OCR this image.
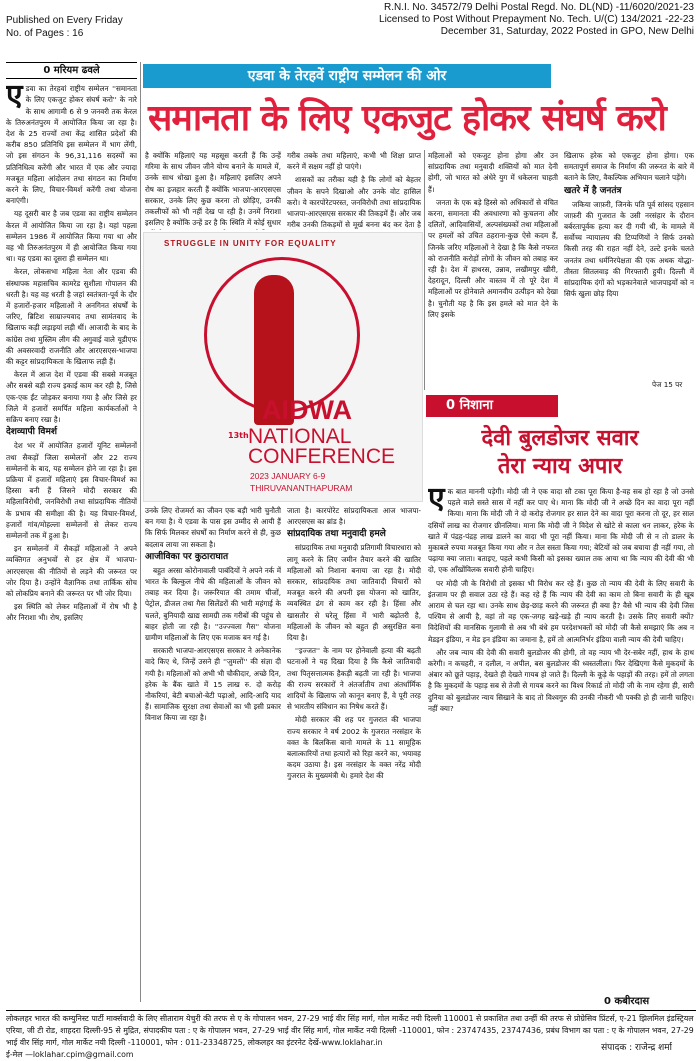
Published on Every Friday
No. of Pages : 16
R.N.I. No. 34572/79 Delhi Postal Regd. No. DL(ND) -11/6020/2021-23
Licensed to Post Without Prepayment No. Tech. U/(C) 134/2021 -22-23
December 31, Saturday, 2022 Posted in GPO, New Delhi
एडवा के तेरहवें राष्ट्रीय सम्मेलन की ओर
समानता के लिए एकजुट होकर संघर्ष करो
0 मरियम ढवले
ए डवा का तेरहवां राष्ट्रीय सम्मेलन ''समानता के लिए एकजुट होकर संघर्ष करो'' के नारे के साथ आगामी 6 से 9 जनवरी तक केरल के तिरुअनंतपुरम में आयोजित किया जा रहा है। देश के 25 राज्यों तथा केंद्र शासित प्रदेशों की करीब 850 प्रतिनिधि इस सम्मेलन में भाग लेंगी, जो इस संगठन के 96,31,116 सदस्यों का प्रतिनिधित्व करेंगी और भारत में एक और ज्यादा मजबूत महिला आंदोलन तथा संगठन का निर्माण करने के लिए, विचार-विमर्श करेंगी तथा योजना बनाएंगी।

यह दूसरी बार है जब एडवा का राष्ट्रीय सम्मेलन केरल में आयोजित किया जा रहा है। यहां पहला सम्मेलन 1986 में आयोजित किया गया था और वह भी तिरुअनंतपुरम में ही आयोजित किया गया था। यह एडवा का दूसरा ही सम्मेलन था।

केरल, लोकसभा महिला नेता और एडवा की संस्थापक महासचिव कामरेड सुशीला गोपालन की धरती है। यह वह धरती है जहां स्वतंत्रता-पूर्व के दौर में हजारों-हजार महिलाओं ने अनगिनत संघर्षों के जरिए, ब्रिटिश साम्राज्यवाद तथा सामंतवाद के खिलाफ कड़ी लड़ाइयां लड़ी थीं। आजादी के बाद के कांग्रेस तथा मुस्लिम लीग की अगुवाई वाले यूडीएफ की अवसरवादी राजनीति और आरएसएस-भाजपा की कट्टर सांप्रदायिकता के खिलाफ लड़ी हैं।

केरल में आज देश में एडवा की सबसे मजबूत और सबसे बड़ी राज्य इकाई काम कर रही है, जिसे एक-एक ईंट जोड़कर बनाया गया है और जिसे हर जिले में हजारों समर्पित महिला कार्यकर्ताओं ने सक्रिय बनाए रखा है।

देशव्यापी विमर्श

देश भर में आयोजित हजारों यूनिट सम्मेलनों तथा सैकड़ों जिला सम्मेलनों और 22 राज्य सम्मेलनों के बाद, यह सम्मेलन होने जा रहा है। इस प्रक्रिया में हजारों महिलाएं इस विचार-विमर्श का हिस्सा बनी हैं जिसने मोदी सरकार की महिलाविरोधी, जनविरोधी तथा सांप्रदायिक नीतियों के प्रभाव की समीक्षा की है। यह विचार-विमर्श, हजारों गांव/मोहल्ला सम्मेलनों से लेकर राज्य सम्मेलनों तक में हुआ है।

इन सम्मेलनों में सैकड़ों महिलाओं ने अपने व्यक्तिगत अनुभवों से हर क्षेत्र में भाजपा-आरएसएस की नीतियों से लड़ने की जरूरत पर जोर दिया है। उन्होंने वैज्ञानिक तथा तार्किक सोच को लोकप्रिय बनाने की जरूरत पर भी जोर दिया।

इस स्थिति को लेकर महिलाओं में रोष भी है और निराशा भी। रोष, इसलिए

है क्योंकि महिलाएं यह महसूस करती हैं कि उन्हें गरिमा के साथ जीवन जीने योग्य बनाने के मामले में, उनके साथ धोखा हुआ है। महिलाएं इसलिए अपने रोष का इजहार करती हैं क्योंकि भाजपा-आरएसएस सरकार, उनके लिए कुछ करना तो छोड़िए, उनकी तकलीफों को भी नहीं देख पा रही है। उनमें निराशा इसलिए है क्योंकि उन्हें डर है कि स्थिति में कोई सुधार

गरीब तबके तथा महिलाएं, कभी भी शिक्षा प्राप्त करने में सक्षम नहीं हो पाएंगे।

शासकों का तरीका यही है कि लोगों को बेहतर जीवन के सपने दिखाओ और उनके वोट हासिल करो। ये कारपोरेटपरस्त, जनविरोधी तथा सांप्रदायिक भाजपा-आरएसएस सरकार की तिकड़में हैं। और जब गरीब उनकी तिकड़मों से मूर्ख बनना बंद कर देता है

STRUGGLE IN UNITY FOR EQUALITY
AIDWA
13th NATIONAL
CONFERENCE
2023 JANUARY 6-9
THIRUVANANTHAPURAM

उनके लिए रोजमर्रा का जीवन एक बड़ी भारी चुनौती बन गया है। ये एडवा के पास इस उम्मीद से आयी हैं कि सिर्फ मिलकर संघर्षों का निर्माण करने से ही, कुछ बदलाव लाया जा सकता है।

आजीविका पर कुठाराघात

बहुत अरसा कोरोनावाली पाबंदियों ने अपने नर्क में भारत के बिल्कुल नीचे की महिलाओं के जीवन को तबाह कर दिया है। जरूरियात की तमाम चीजों, पेट्रोल, डीजल तथा गैस सिलेंडरों की भारी महंगाई के चलते, बुनियादी खाद्य सामग्री तक गरीबों की पहुंच से बाहर होती जा रही है। ''उज्ज्वला गैस'' योजना ग्रामीण महिलाओं के लिए एक मजाक बन गई है।

सरकारी भाजपा-आरएसएस सरकार ने अनेकानेक वादे किए थे, जिन्हें उसने ही ''जुमलों'' की संज्ञा दी गयी है। महिलाओं को अभी भी चौकीदार, अच्छे दिन, हरेक के बैंक खाते में 15 लाख रु. दो करोड़ नौकरियां, बेटी बचाओ-बेटी पढ़ाओ, आदि-आदि याद हैं। सामाजिक सुरक्षा तथा सेवाओं का भी इसी प्रकार विनाश किया जा रहा है।

जाता है। कारपोरेट सांप्रदायिकता आज भाजपा-आरएसएस का ब्रांड है।

सांप्रदायिक तथा मनुवादी हमले

सांप्रदायिक तथा मनुवादी प्रतिगामी विचारधारा को लागू करने के लिए जमीन तैयार करने की खातिर महिलाओं को निशाना बनाया जा रहा है। मोदी सरकार, सांप्रदायिक तथा जातिवादी विचारों को मजबूत करने की अपनी इस योजना को खातिर, व्यवस्थित ढंग से काम कर रही है। हिंसा और खासतौर से घरेलू हिंसा में भारी बढ़ोतरी है, महिलाओं के जीवन को बहुत ही असुरक्षित बना दिया है।

''इज्जत'' के नाम पर होनेवाली हत्या की बढ़ती घटनाओं ने यह दिखा दिया है कि कैसे जातिवादी तथा पितृसत्तात्मक हैकड़ी बढ़ती जा रही है। भाजपा की राज्य सरकारों ने अंतर्जातीय तथा अंतर्धार्मिक शादियों के खिलाफ जो कानून बनाए हैं, वे पूरी तरह से भारतीय संविधान का निषेध करते हैं।

मोदी सरकार की शह पर गुजरात की भाजपा राज्य सरकार ने वर्ष 2002 के गुजरात नरसंहार के वक्त के बिलकिस बानो मामले के 11 सामूहिक बलात्कारियों तथा हत्यारों को रिहा करने का, भयावह कदम उठाया है। इस नरसंहार के वक्त नरेंद्र मोदी गुजरात के मुख्यमंत्री थे। हमारे देश की

महिलाओं को एकजुट होना होगा और उन सांप्रदायिक तथा मनुवादी शक्तियों को मात देनी होगी, जो भारत को अंधेरे युग में धकेलना चाहती हैं।

जनता के एक बड़े हिस्से को अधिकारों से वंचित करना, समानता की अवधारणा को कुचलना और दलितों, आदिवासियों, अल्पसंख्यकों तथा महिलाओं पर हमलों को उचित ठहराना-कुछ ऐसे कदम हैं, जिनके जरिए महिलाओं ने देखा है कि कैसे नफरत को राजनीति करोड़ों लोगों के जीवन को तबाह कर रही है। देश में हाथरस, उन्नाव, लखीमपुर खीरी, देहरादून, दिल्ली और वास्तव में तो पूरे देश में महिलाओं पर होनेवाले अमानवीय उत्पीड़न को देखा है। चुनौती यह है कि इस हमले को मात देने के लिए इसके

खिलाफ हरेक को एकजुट होना होगा। एक समतापूर्ण समाज के निर्माण की जरूरत के बारे में बताने के लिए, वैकल्पिक अभियान चलाने पड़ेंगे।

खतरे में है जनतंत्र

जकिया जाफ़री, जिनके पति पूर्व सांसद एहसान जाफ़री की गुजरात के उसी नरसंहार के दौरान बर्बरतापूर्वक हत्या कर दी गयी थी, के मामले में सर्वोच्च न्यायालय की टिप्पणियों ने सिर्फ उनको किसी तरह की राहत नहीं देने, उल्टे इनके चलते जनतंत्र तथा धर्मनिरपेक्षता की एक अथक योद्धा-तीस्ता सितलवाड़ की गिरफ्तारी हुयी। दिल्ली में सांप्रदायिक दंगों को भड़कानेवाले भाजपाइयों को न सिर्फ खुला छोड़ दिया

पेज 15 पर
0 निशाना
देवी बुलडोजर सवार
तेरा न्याय अपार
ए क बात माननी पड़ेगी। मोदी जी ने एक वादा सौ टका पूरा किया है-वह सब हो रहा है जो उनसे पहले वाले सस्ते सास में नहीं कर पाए थे। माना कि मोदी जी ने अच्छे दिन का वादा पूरा नहीं किया। माना कि मोदी जी ने दो करोड़ रोजगार हर साल देने का वादा पूरा करना तो दूर, हर साल दसियों लाख का रोजगार छीनलिया। माना कि मोदी जी ने विदेश से खोटे से काला धन लाकर, हरेक के खाते में पंद्रह-पंद्रह लाख डालने का वादा भी पूरा नहीं किया। माना कि मोदी जी से न तो डालर के मुकाबले रुपया मजबूत किया गया और न तेल सस्ता किया गया; बेटियों को जब बचाया ही नहीं गया, तो पढ़ाया क्या जाता। बताइए, पहले कभी किसी को इसका ख्याल तक आया था कि न्याय की देवी की भी दो, एक आँखोंविलक सवारी होनी चाहिए।

पर मोदी जी के विरोधी तो इसका भी विरोध कर रहे हैं। कुछ तो न्याय की देवी के लिए सवारी के इंतजाम पर ही सवाल उठा रहे हैं। कह रहे हैं कि न्याय की देवी का काम तो बिना सवारी के ही खूब आराम से चल रहा था। उनके साथ छेड़-छाड़ करने की जरूरत ही क्या है? वैसे भी न्याय की देवी जिस पश्चिम से आयी है, वहां तो वह एक-जगह खड़े-खड़े ही न्याय करती है। उसके लिए सवारी क्यों? विदेशियों की मानसिक गुलामी से अब भी बंधे हम परदेशभक्तों को मोदी जी कैसे समझाएं कि अब न मेडइन इंडिया, न मेड इन इंडिया का जमाना है, हमें तो आत्मनिर्भर इंडिया वाली न्याय की देवी चाहिए।

और जब न्याय की देवी की सवारी बुलडोजर की होगी, तो वह न्याय भी देर-सबेर नहीं, हाथ के हाथ करेगी। न कचहरी, न दलील, न अपील, बस बुलडोजर की ध्वस्तलीला। फिर देखिएगा कैसे मुकदमों के अंबार को छूते पहाड़, देखते ही देखते गायब हो जाते हैं। दिल्ली के कूड़े के पहाड़ों की तरह। हमें तो लगता है कि मुकदमों के पहाड़ सब से तेजी से गायब करने का विश्व रिकार्ड तो मोदी जी के नाम रहेगा ही, सारी दुनिया को बुलडोजर न्याय सिखाने के बाद तो विश्वगुरु की उनकी नौकरी भी पक्की हो ही जानी चाहिए। नहीं क्या?

0 कबीरदास
लोकलहर भारत की कम्युनिस्ट पार्टी मार्क्सवादी के लिए सीताराम येचुरी की तरफ से ए के गोपालन भवन, 27-29 भाई वीर सिंह मार्ग, गोल मार्केट नयी दिल्ली 110001 से प्रकाशित तथा उन्हीं की तरफ से प्रोग्रेसिव प्रिंटर्स, ए-21 झिलमिल इंडस्ट्रियल एरिया, जी टी रोड, शाहदरा दिल्ली-95 से मुद्रित, संपादकीय पता : ए के गोपालन भवन, 27-29 भाई वीर सिंह मार्ग, गोल मार्केट नयी दिल्ली -110001, फोन : 23747435, 23747436, प्रबंध विभाग का पता : ए के गोपालन भवन, 27-29 भाई वीर सिंह मार्ग, गोल मार्केट नयी दिल्ली -110001, फोन : 011-23348725, लोकलहर का इंटरनेट देखें-www.loklahar.in
ई-मेल —loklahar.cpim@gmail.com
संपादक : राजेन्द्र शर्मा
